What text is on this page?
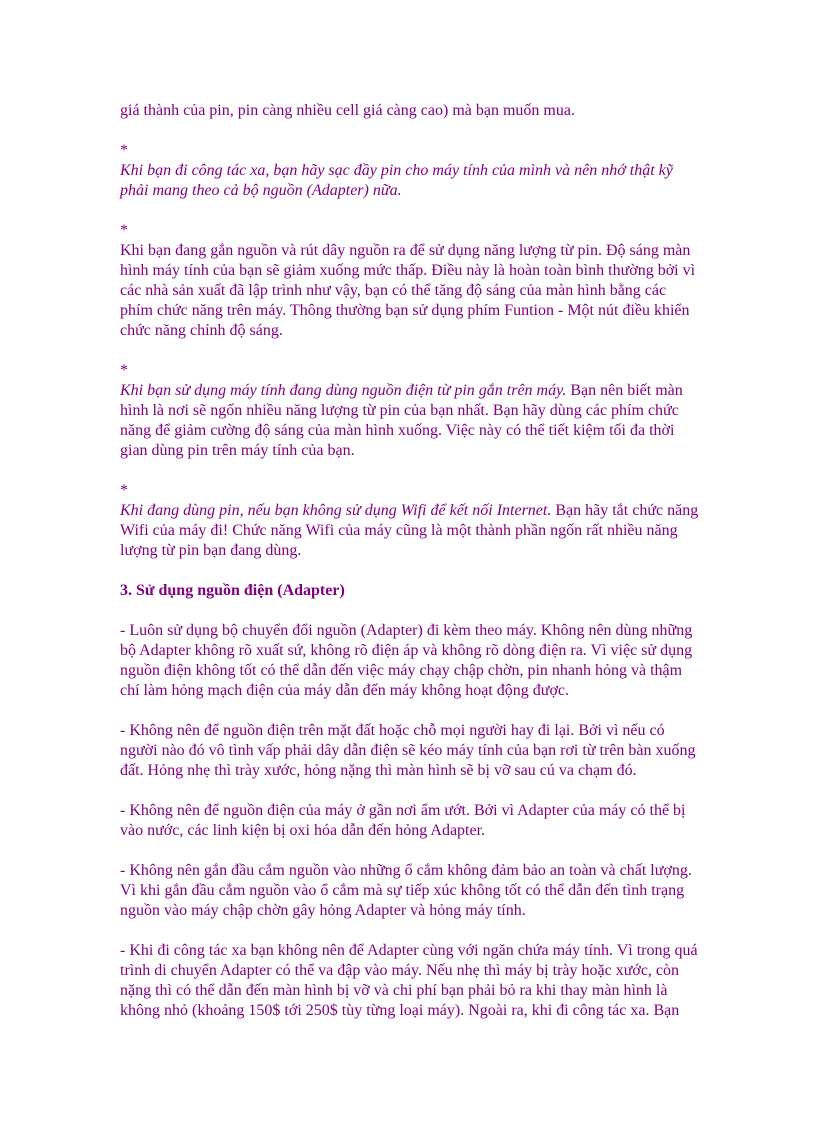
giá thành của pin, pin càng nhiều cell giá càng cao) mà bạn muốn mua.

*
Khi bạn đi công tác xa, bạn hãy sạc đầy pin cho máy tính của mình và nên nhớ thật kỹ phải mang theo cả bộ nguồn (Adapter) nữa.
*
Khi bạn đang gắn nguồn và rút dây nguồn ra để sử dụng năng lượng từ pin. Độ sáng màn hình máy tính của bạn sẽ giảm xuống mức thấp. Điều này là hoàn toàn bình thường bởi vì các nhà sản xuất đã lập trình như vậy, bạn có thể tăng độ sáng của màn hình bằng các phím chức năng trên máy. Thông thường bạn sử dụng phím Funtion - Một nút điều khiển chức năng chỉnh độ sáng.
*
Khi bạn sử dụng máy tính đang dùng nguồn điện từ pin gắn trên máy. Bạn nên biết màn hình là nơi sẽ ngốn nhiều năng lượng từ pin của bạn nhất. Bạn hãy dùng các phím chức năng để giảm cường độ sáng của màn hình xuống. Việc này có thể tiết kiệm tối đa thời gian dùng pin trên máy tính của bạn.
*
Khi đang dùng pin, nếu bạn không sử dụng Wifi để kết nối Internet. Bạn hãy tắt chức năng Wifi của máy đi! Chức năng Wifi của máy cũng là một thành phần ngốn rất nhiều năng lượng từ pin bạn đang dùng.

3. Sử dụng nguồn điện (Adapter)

- Luôn sử dụng bộ chuyển đổi nguồn (Adapter) đi kèm theo máy. Không nên dùng những bộ Adapter không rõ xuất sứ, không rõ điện áp và không rõ dòng điện ra. Vì việc sử dụng nguồn điện không tốt có thể dẫn đến việc máy chạy chập chờn, pin nhanh hỏng và thậm chí làm hỏng mạch điện của máy dẫn đến máy không hoạt động được.

- Không nên để nguồn điện trên mặt đất hoặc chỗ mọi người hay đi lại. Bởi vì nếu có người nào đó vô tình vấp phải dây dẫn điện sẽ kéo máy tính của bạn rơi từ trên bàn xuống đất. Hỏng nhẹ thì trày xước, hỏng nặng thì màn hình sẽ bị vỡ sau cú va chạm đó.

- Không nên để nguồn điện của máy ở gần nơi ẩm ướt. Bởi vì Adapter của máy có thể bị vào nước, các linh kiện bị oxi hóa dẫn đến hỏng Adapter.

- Không nên gắn đầu cắm nguồn vào những ổ cắm không đảm bảo an toàn và chất lượng. Vì khi gắn đầu cắm nguồn vào ổ cắm mà sự tiếp xúc không tốt có thể dẫn đến tình trạng nguồn vào máy chập chờn gây hỏng Adapter và hỏng máy tính.

- Khi đi công tác xa bạn không nên để Adapter cùng với ngăn chứa máy tính. Vì trong quá trình di chuyển Adapter có thể va đập vào máy. Nếu nhẹ thì máy bị trày hoặc xước, còn nặng thì có thể dẫn đến màn hình bị vỡ và chi phí bạn phải bỏ ra khi thay màn hình là không nhỏ (khoảng 150$ tới 250$ tùy từng loại máy). Ngoài ra, khi đi công tác xa. Bạn
